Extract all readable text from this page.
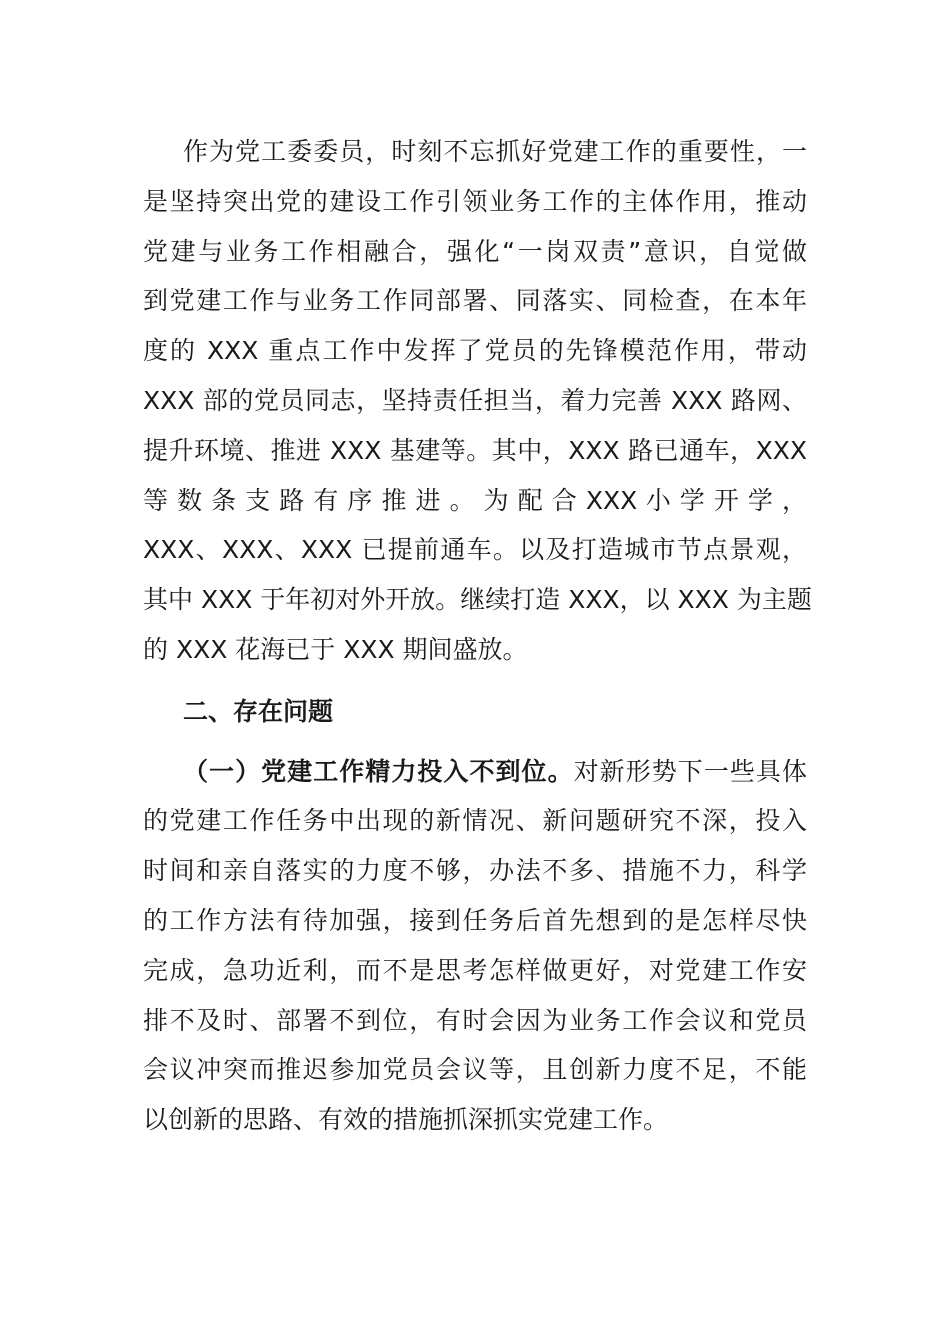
作为党工委委员，时刻不忘抓好党建工作的重要性，一
是坚持突出党的建设工作引领业务工作的主体作用，推动
党建与业务工作相融合，强化“一岗双责”意识，自觉做
到党建工作与业务工作同部署、同落实、同检查，在本年
度的 XXX 重点工作中发挥了党员的先锋模范作用，带动
XXX 部的党员同志，坚持责任担当，着力完善 XXX 路网、
提升环境、推进 XXX 基建等。其中，XXX 路已通车，XXX
等 数 条 支 路 有 序 推 进 。 为 配 合 XXX 小 学 开 学 ，
XXX、XXX、XXX 已提前通车。以及打造城市节点景观，
其中 XXX 于年初对外开放。继续打造 XXX，以 XXX 为主题
的 XXX 花海已于 XXX 期间盛放。
二、存在问题
（一）党建工作精力投入不到位。对新形势下一些具体
的党建工作任务中出现的新情况、新问题研究不深，投入
时间和亲自落实的力度不够，办法不多、措施不力，科学
的工作方法有待加强，接到任务后首先想到的是怎样尽快
完成，急功近利，而不是思考怎样做更好，对党建工作安
排不及时、部署不到位，有时会因为业务工作会议和党员
会议冲突而推迟参加党员会议等，且创新力度不足，不能
以创新的思路、有效的措施抓深抓实党建工作。
